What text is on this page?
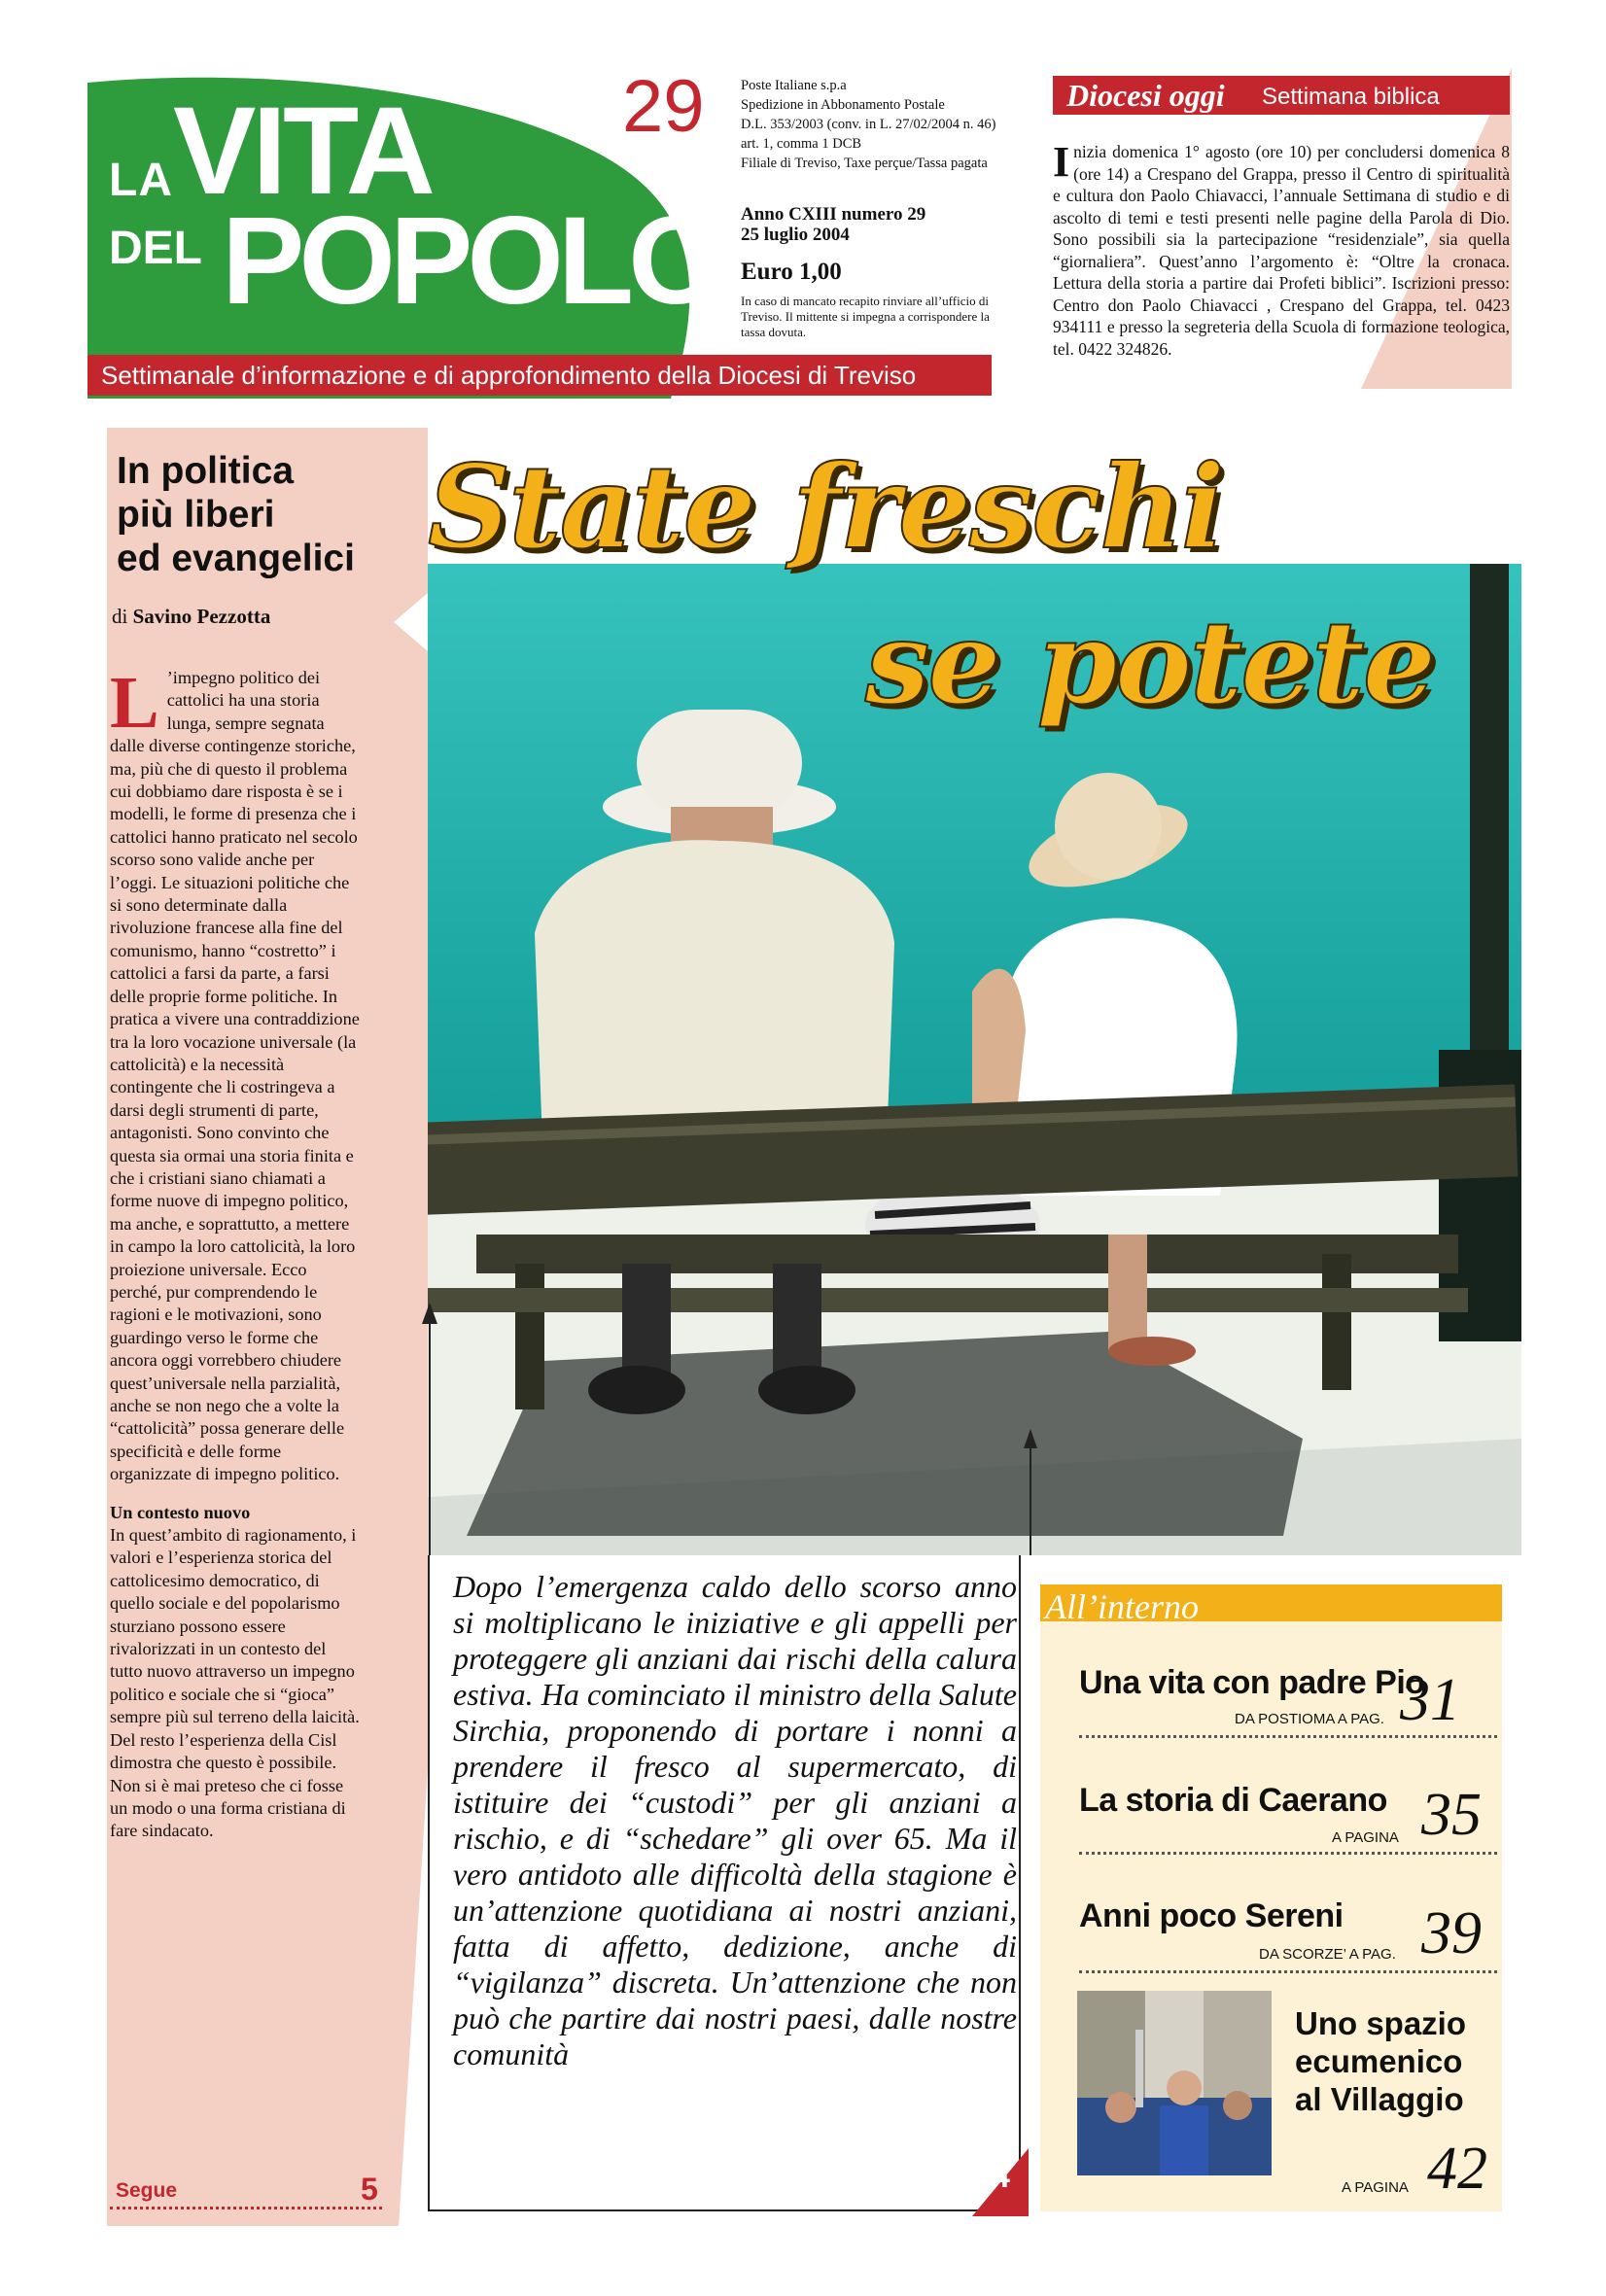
LA VITA
DEL POPOLO
29
Settimanale d’informazione e di approfondimento della Diocesi di Treviso
Poste Italiane s.p.a
Spedizione in Abbonamento Postale
D.L. 353/2003 (conv. in L. 27/02/2004 n. 46)
art. 1, comma 1 DCB
Filiale di Treviso, Taxe perçue/Tassa pagata
Anno CXIII numero 29
25 luglio 2004
Euro 1,00
In caso di mancato recapito rinviare all’ufficio di Treviso. Il mittente si impegna a corrispondere la tassa dovuta.
Diocesi oggi Settimana biblica
Inizia domenica 1° agosto (ore 10) per concludersi domenica 8 (ore 14) a Crespano del Grappa, presso il Centro di spiritualità e cultura don Paolo Chiavacci, l’annuale Settimana di studio e di ascolto di temi e testi presenti nelle pagine della Parola di Dio. Sono possibili sia la partecipazione “residenziale”, sia quella “giornaliera”. Quest’anno l’argomento è: “Oltre la cronaca. Lettura della storia a partire dai Profeti biblici”. Iscrizioni presso: Centro don Paolo Chiavacci , Crespano del Grappa, tel. 0423 934111 e presso la segreteria della Scuola di formazione teologica, tel. 0422 324826.
In politica
più liberi
ed evangelici
di Savino Pezzotta

L ’impegno politico dei cattolici ha una storia lunga, sempre segnata dalle diverse contingenze storiche, ma, più che di questo il problema cui dobbiamo dare risposta è se i modelli, le forme di presenza che i cattolici hanno praticato nel secolo scorso sono valide anche per l’oggi. Le situazioni politiche che si sono determinate dalla rivoluzione francese alla fine del comunismo, hanno “costretto” i cattolici a farsi da parte, a farsi delle proprie forme politiche. In pratica a vivere una contraddizione tra la loro vocazione universale (la cattolicità) e la necessità contingente che li costringeva a darsi degli strumenti di parte, antagonisti. Sono convinto che questa sia ormai una storia finita e che i cristiani siano chiamati a forme nuove di impegno politico, ma anche, e soprattutto, a mettere in campo la loro cattolicità, la loro proiezione universale. Ecco perché, pur comprendendo le ragioni e le motivazioni, sono guardingo verso le forme che ancora oggi vorrebbero chiudere quest’universale nella parzialità, anche se non nego che a volte la “cattolicità” possa generare delle specificità e delle forme organizzate di impegno politico.

Un contesto nuovo

In quest’ambito di ragionamento, i valori e l’esperienza storica del cattolicesimo democratico, di quello sociale e del popolarismo sturziano possono essere rivalorizzati in un contesto del tutto nuovo attraverso un impegno politico e sociale che si “gioca” sempre più sul terreno della laicità. Del resto l’esperienza della Cisl dimostra che questo è possibile. Non si è mai preteso che ci fosse un modo o una forma cristiana di fare sindacato.

Segue	5
State freschi
se potete
Dopo l’emergenza caldo dello scorso anno si moltiplicano le iniziative e gli appelli per proteggere gli anziani dai rischi della calura estiva. Ha cominciato il ministro della Salute Sirchia, proponendo di portare i nonni a prendere il fresco al supermercato, di istituire dei “custodi” per gli anziani a rischio, e di “schedare” gli over 65. Ma il vero antidoto alle difficoltà della stagione è un’attenzione quotidiana ai nostri anziani, fatta di affetto, dedizione, anche di “vigilanza” discreta. Un’attenzione che non può che partire dai nostri paesi, dalle nostre comunità
4
All’interno
Una vita con padre Pio
DA POSTIOMA A PAG. 31
La storia di Caerano
A PAGINA 35
Anni poco Sereni
DA SCORZE’ A PAG. 39
Uno spazio
ecumenico
al Villaggio
A PAGINA 42
